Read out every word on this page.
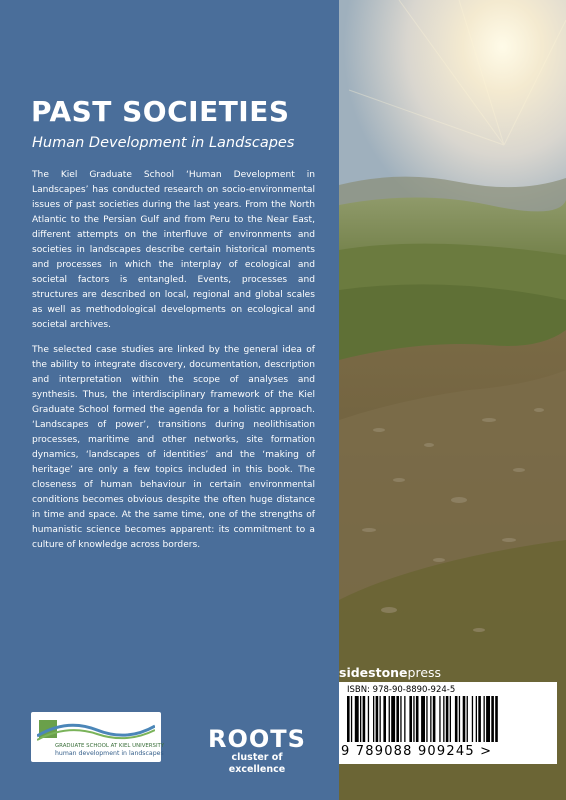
PAST SOCIETIES
Human Development in Landscapes

The Kiel Graduate School ‘Human Development in Landscapes’ has conducted research on socio-environmental issues of past societies during the last years. From the North Atlantic to the Persian Gulf and from Peru to the Near East, different attempts on the interfluve of environments and societies in landscapes describe certain historical moments and processes in which the interplay of ecological and societal factors is entangled. Events, processes and structures are described on local, regional and global scales as well as methodological developments on ecological and societal archives.

The selected case studies are linked by the general idea of the ability to integrate discovery, documentation, description and interpretation within the scope of analyses and synthesis. Thus, the interdisciplinary framework of the Kiel Graduate School formed the agenda for a holistic approach. ‘Landscapes of power’, transitions during neolithisation processes, maritime and other networks, site formation dynamics, ‘landscapes of identities’ and the ‘making of heritage’ are only a few topics included in this book. The closeness of human behaviour in certain environmental conditions becomes obvious despite the often huge distance in time and space. At the same time, one of the strengths of humanistic science becomes apparent: its commitment to a culture of knowledge across borders.

GRADUATE SCHOOL AT KIEL UNIVERSITY
human development in landscapes
ROOTS
cluster of excellence
sidestonepress
ISBN: 978-90-8890-924-5
9 789088 909245 >
